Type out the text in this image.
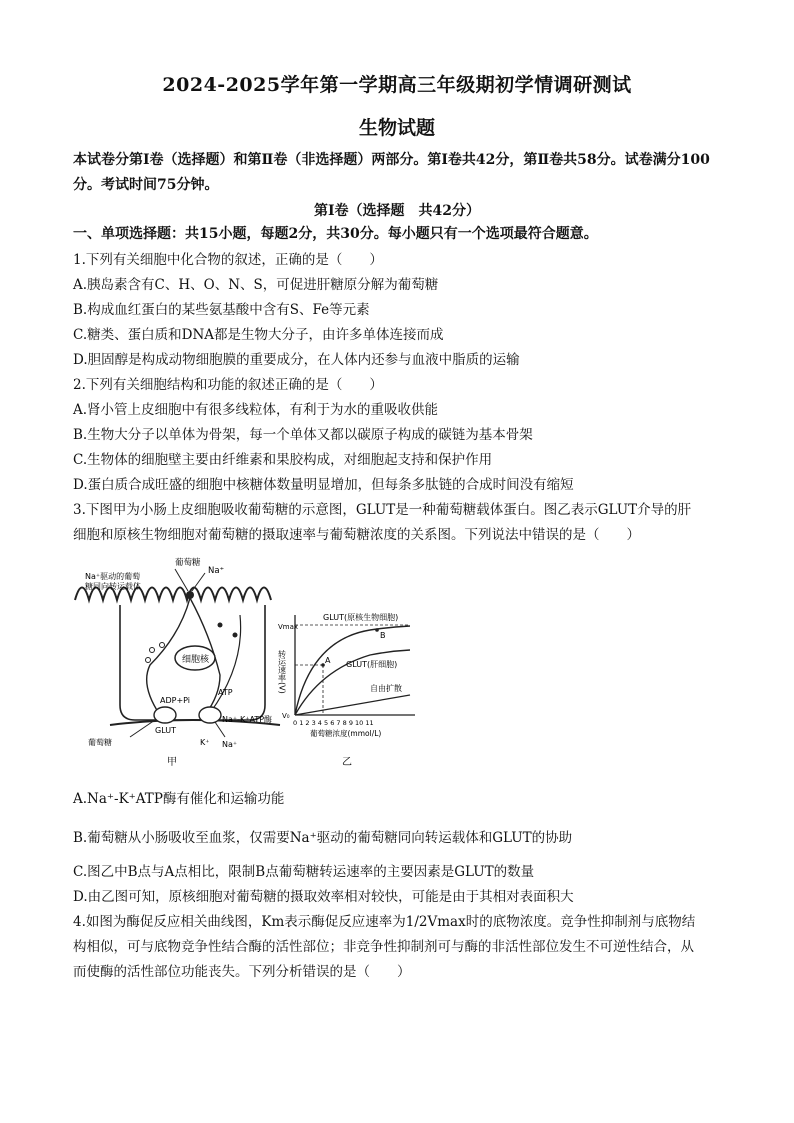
2024-2025学年第一学期高三年级期初学情调研测试
生物试题
本试卷分第Ⅰ卷（选择题）和第Ⅱ卷（非选择题）两部分。第Ⅰ卷共42分，第Ⅱ卷共58分。试卷满分100分。考试时间75分钟。
第Ⅰ卷（选择题　共42分）
一、单项选择题：共15小题，每题2分，共30分。每小题只有一个选项最符合题意。
1.下列有关细胞中化合物的叙述，正确的是（　　）
A.胰岛素含有C、H、O、N、S，可促进肝糖原分解为葡萄糖
B.构成血红蛋白的某些氨基酸中含有S、Fe等元素
C.糖类、蛋白质和DNA都是生物大分子，由许多单体连接而成
D.胆固醇是构成动物细胞膜的重要成分，在人体内还参与血液中脂质的运输
2.下列有关细胞结构和功能的叙述正确的是（　　）
A.肾小管上皮细胞中有很多线粒体，有利于为水的重吸收供能
B.生物大分子以单体为骨架，每一个单体又都以碳原子构成的碳链为基本骨架
C.生物体的细胞壁主要由纤维素和果胶构成，对细胞起支持和保护作用
D.蛋白质合成旺盛的细胞中核糖体数量明显增加，但每条多肽链的合成时间没有缩短
3.下图甲为小肠上皮细胞吸收葡萄糖的示意图，GLUT是一种葡萄糖载体蛋白。图乙表示GLUT介导的肝
细胞和原核生物细胞对葡萄糖的摄取速率与葡萄糖浓度的关系图。下列说法中错误的是（　　）
细胞核
葡萄糖
Na⁺
Na⁺驱动的葡萄
糖同向转运载体
ADP+Pi
ATP
GLUT
Na⁺-K⁺ATP酶
葡萄糖	K⁺ Na⁺
甲
Vmax
V₀
转运速率(V)
GLUT(原核生物细胞)
GLUT(肝细胞)
自由扩散
A
B
0 1 2 3 4 5 6 7 8 9 10 11
葡萄糖浓度(mmol/L)
乙
A.Na⁺-K⁺ATP酶有催化和运输功能
B.葡萄糖从小肠吸收至血浆，仅需要Na⁺驱动的葡萄糖同向转运载体和GLUT的协助
C.图乙中B点与A点相比，限制B点葡萄糖转运速率的主要因素是GLUT的数量
D.由乙图可知，原核细胞对葡萄糖的摄取效率相对较快，可能是由于其相对表面积大
4.如图为酶促反应相关曲线图，Km表示酶促反应速率为1/2Vmax时的底物浓度。竞争性抑制剂与底物结
构相似，可与底物竞争性结合酶的活性部位；非竞争性抑制剂可与酶的非活性部位发生不可逆性结合，从
而使酶的活性部位功能丧失。下列分析错误的是（　　）
